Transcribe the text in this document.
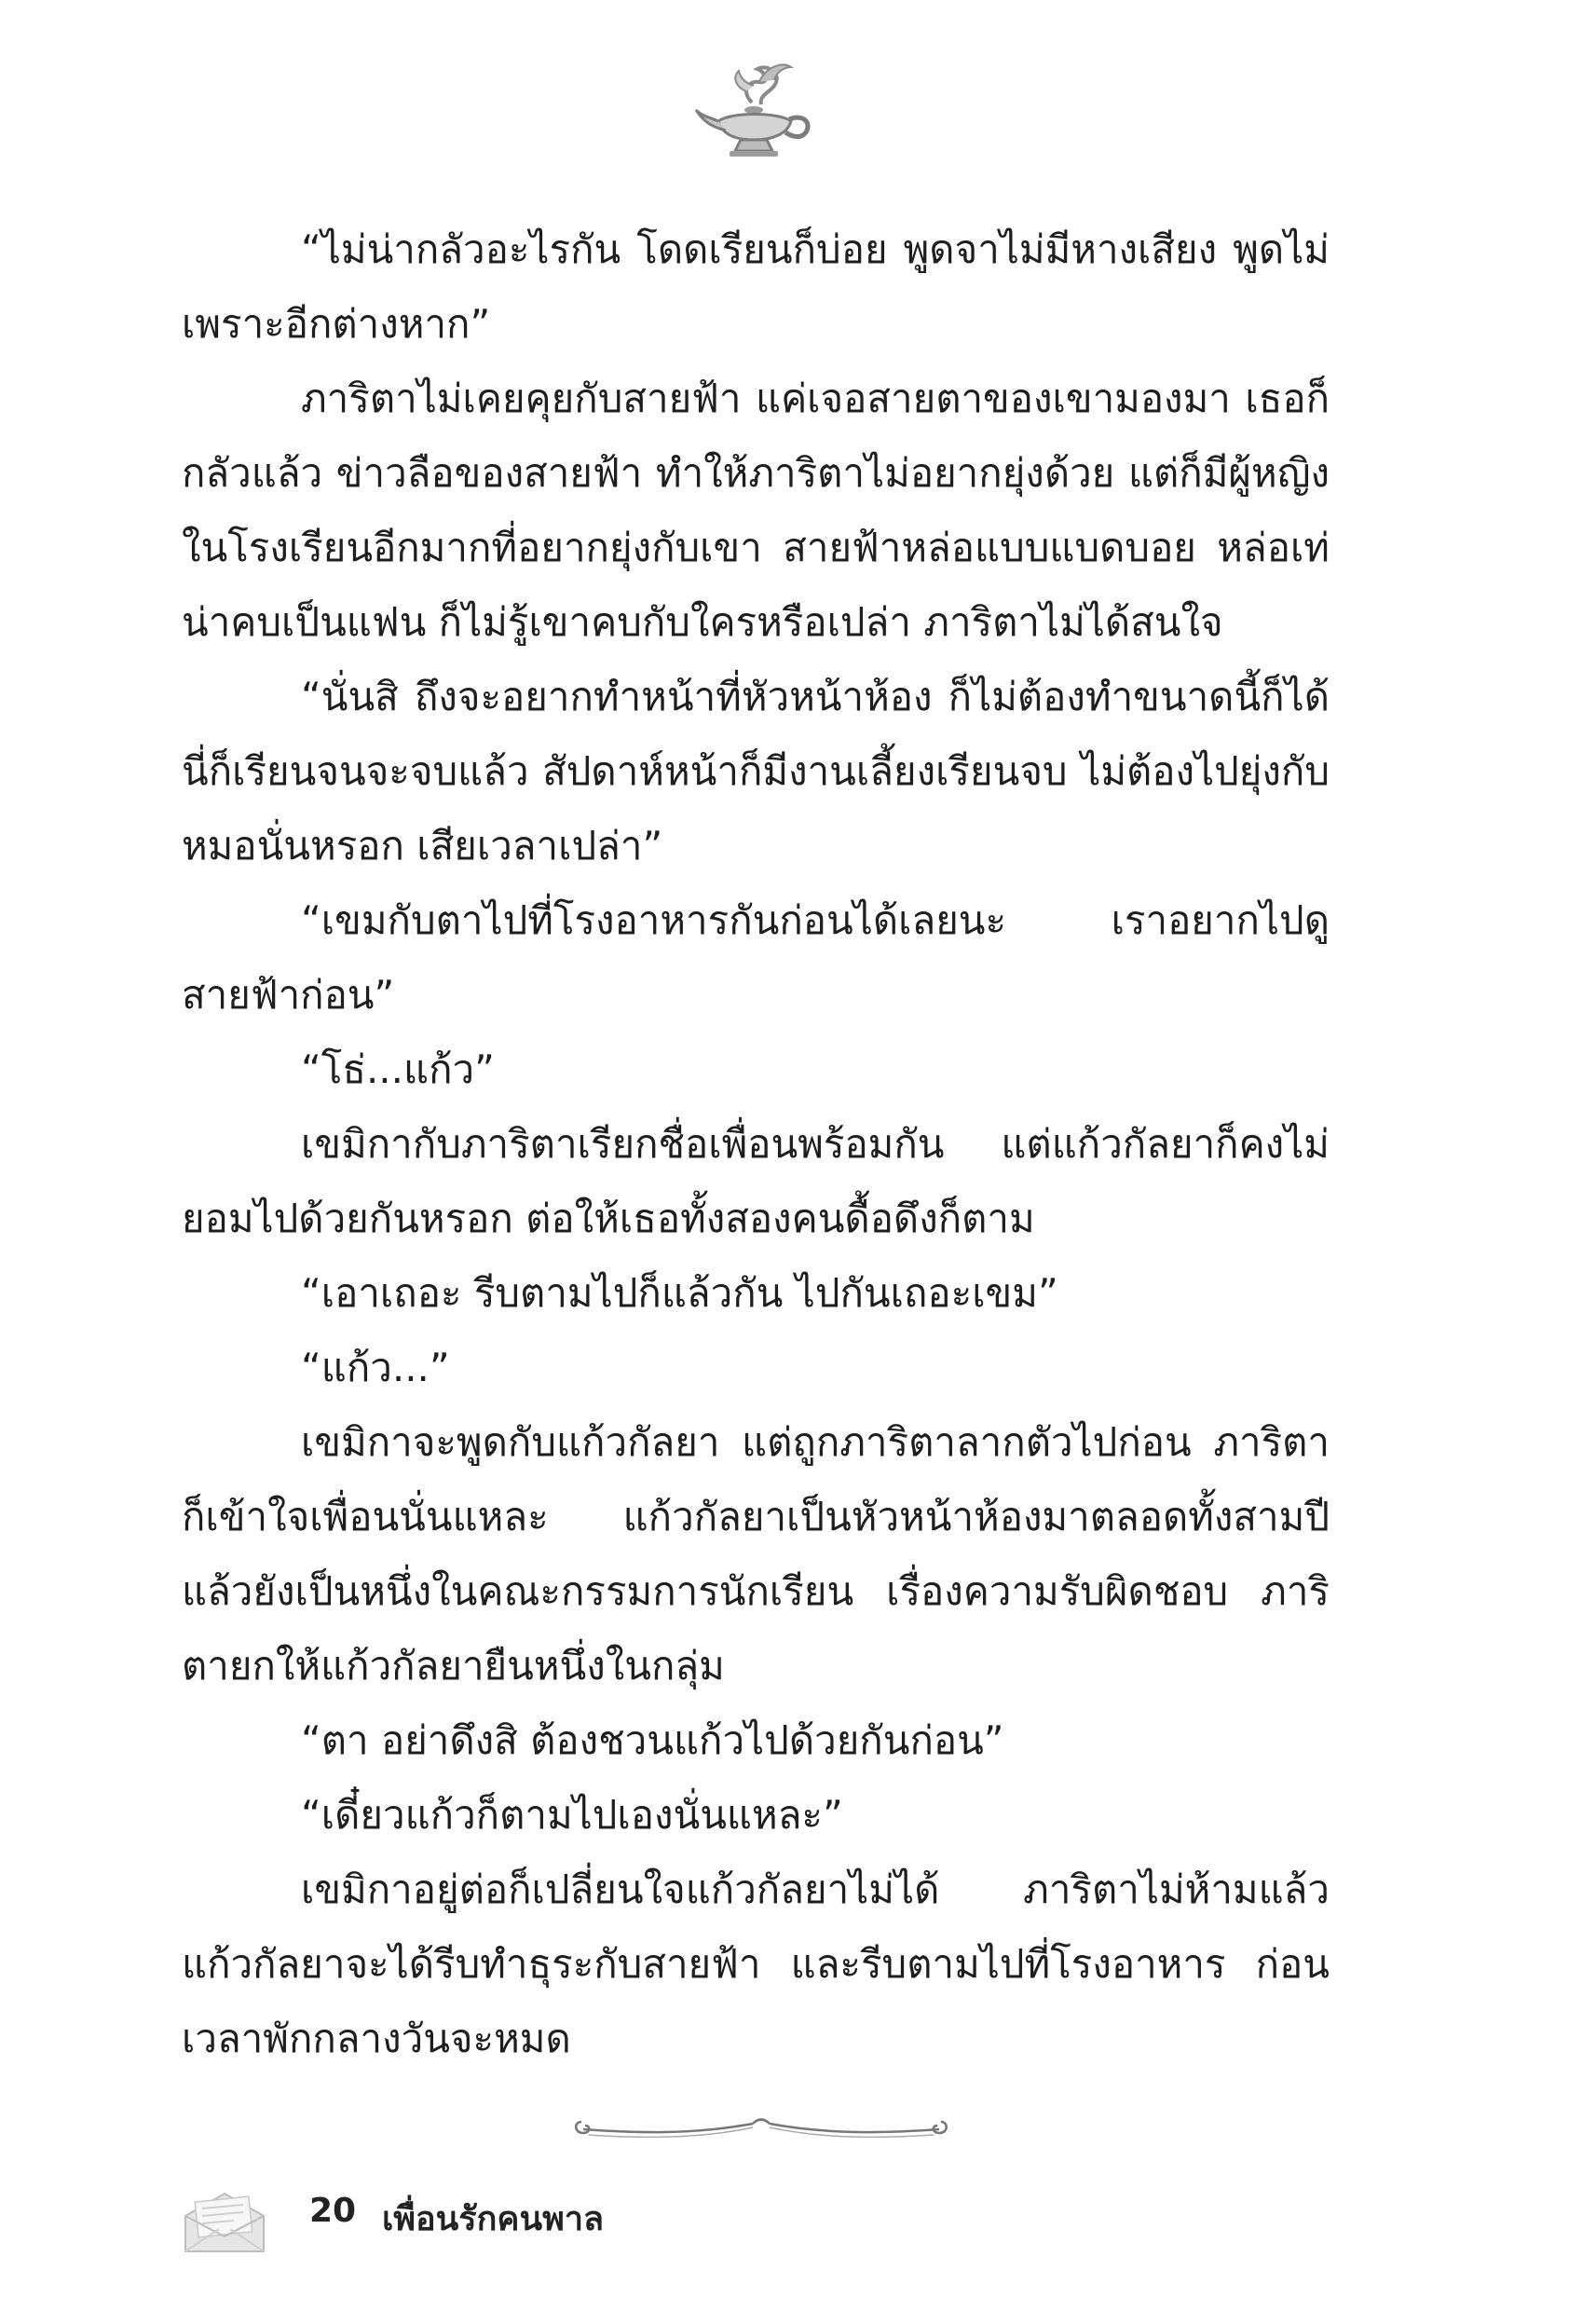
“ไม่น่ากลัวอะไรกัน โดดเรียนก็บ่อย พูดจาไม่มีหางเสียง พูดไม่เพราะอีกต่างหาก”

ภาริตาไม่เคยคุยกับสายฟ้า แค่เจอสายตาของเขามองมา เธอก็กลัวแล้ว ข่าวลือของสายฟ้า ทำให้ภาริตาไม่อยากยุ่งด้วย แต่ก็มีผู้หญิงในโรงเรียนอีกมากที่อยากยุ่งกับเขา สายฟ้าหล่อแบบแบดบอย หล่อเท่น่าคบเป็นแฟน ก็ไม่รู้เขาคบกับใครหรือเปล่า ภาริตาไม่ได้สนใจ

“นั่นสิ ถึงจะอยากทำหน้าที่หัวหน้าห้อง ก็ไม่ต้องทำขนาดนี้ก็ได้ นี่ก็เรียนจนจะจบแล้ว สัปดาห์หน้าก็มีงานเลี้ยงเรียนจบ ไม่ต้องไปยุ่งกับหมอนั่นหรอก เสียเวลาเปล่า”

“เขมกับตาไปที่โรงอาหารกันก่อนได้เลยนะ เราอยากไปดูสายฟ้าก่อน”

“โธ่...แก้ว”

เขมิกากับภาริตาเรียกชื่อเพื่อนพร้อมกัน แต่แก้วกัลยาก็คงไม่ยอมไปด้วยกันหรอก ต่อให้เธอทั้งสองคนดื้อดึงก็ตาม

“เอาเถอะ รีบตามไปก็แล้วกัน ไปกันเถอะเขม”

“แก้ว...”

เขมิกาจะพูดกับแก้วกัลยา แต่ถูกภาริตาลากตัวไปก่อน ภาริตาก็เข้าใจเพื่อนนั่นแหละ แก้วกัลยาเป็นหัวหน้าห้องมาตลอดทั้งสามปี แล้วยังเป็นหนึ่งในคณะกรรมการนักเรียน เรื่องความรับผิดชอบ ภาริตายกให้แก้วกัลยายืนหนึ่งในกลุ่ม

“ตา อย่าดึงสิ ต้องชวนแก้วไปด้วยกันก่อน”

“เดี๋ยวแก้วก็ตามไปเองนั่นแหละ”

เขมิกาอยู่ต่อก็เปลี่ยนใจแก้วกัลยาไม่ได้ ภาริตาไม่ห้ามแล้ว แก้วกัลยาจะได้รีบทำธุระกับสายฟ้า และรีบตามไปที่โรงอาหาร ก่อนเวลาพักกลางวันจะหมด

20 เพื่อนรักคนพาล
